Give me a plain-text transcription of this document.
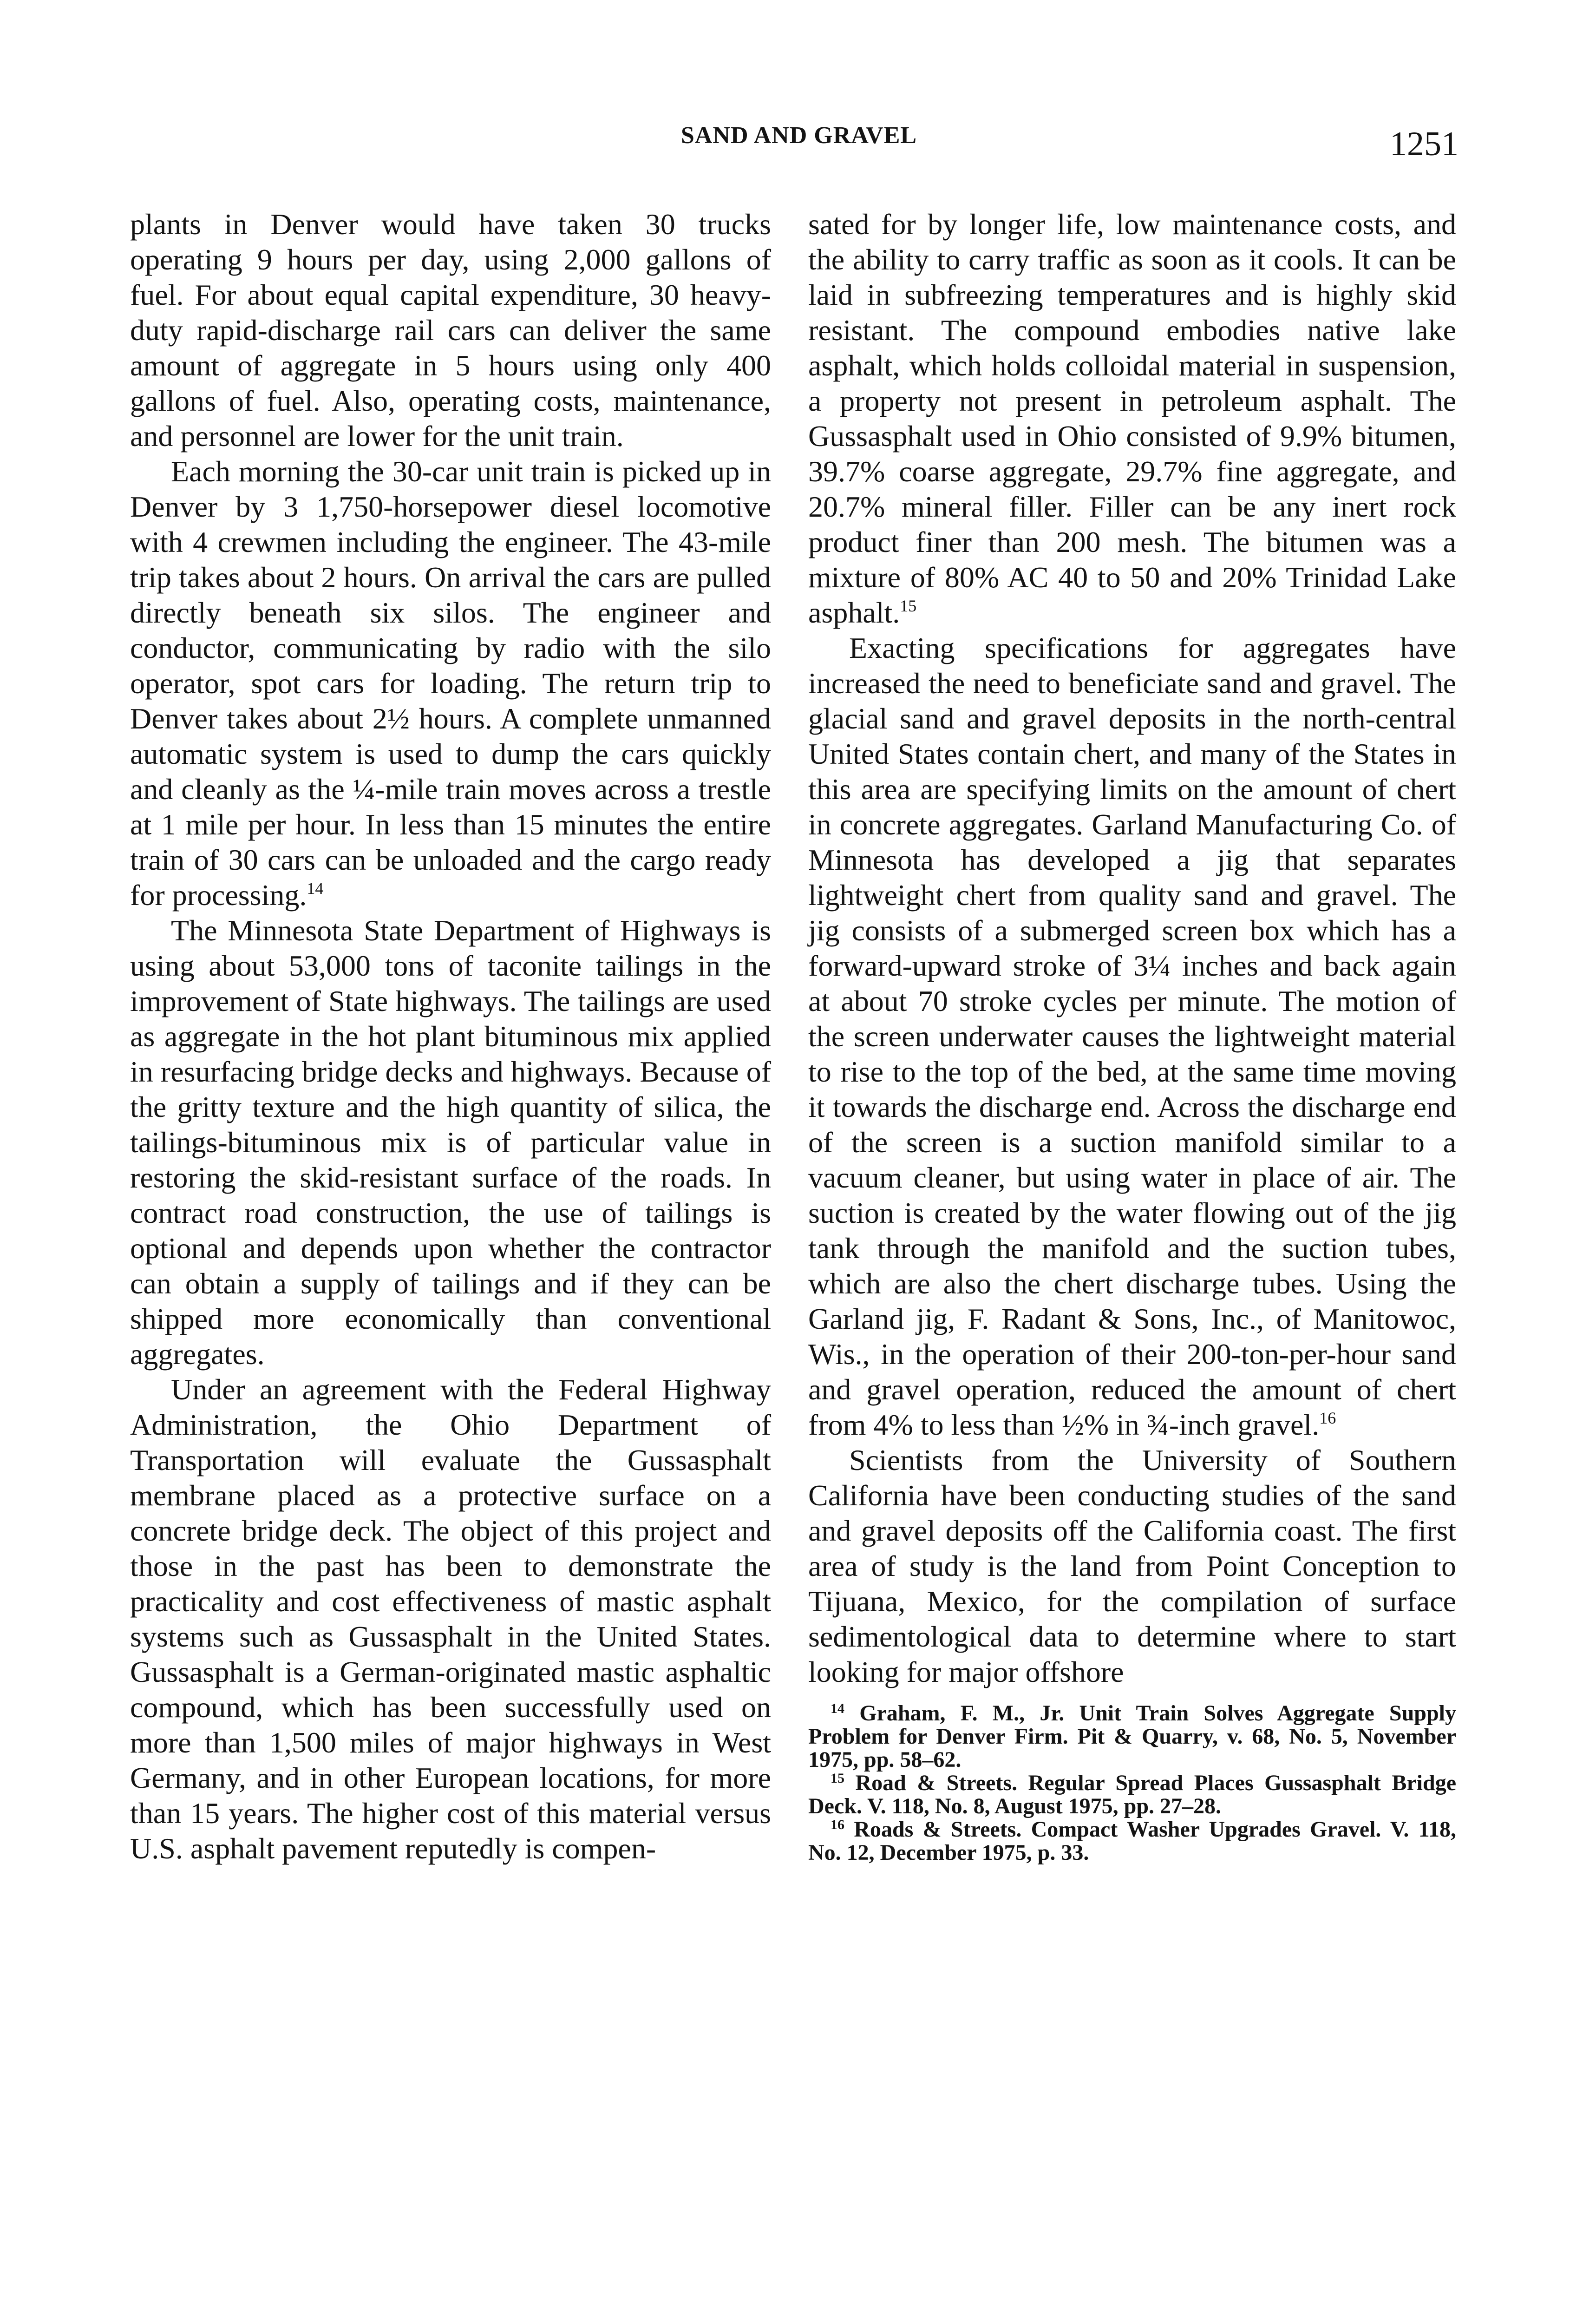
SAND AND GRAVEL	1251

plants in Denver would have taken 30 trucks operating 9 hours per day, using 2,000 gallons of fuel. For about equal capital expenditure, 30 heavy-duty rapid-discharge rail cars can deliver the same amount of aggregate in 5 hours using only 400 gallons of fuel. Also, operating costs, maintenance, and personnel are lower for the unit train.

Each morning the 30-car unit train is picked up in Denver by 3 1,750-horsepower diesel locomotive with 4 crewmen including the engineer. The 43-mile trip takes about 2 hours. On arrival the cars are pulled directly beneath six silos. The engineer and conductor, communicating by radio with the silo operator, spot cars for loading. The return trip to Denver takes about 2½ hours. A complete unmanned automatic system is used to dump the cars quickly and cleanly as the ¼-mile train moves across a trestle at 1 mile per hour. In less than 15 minutes the entire train of 30 cars can be unloaded and the cargo ready for processing.$^{14}$

The Minnesota State Department of Highways is using about 53,000 tons of taconite tailings in the improvement of State highways. The tailings are used as aggregate in the hot plant bituminous mix applied in resurfacing bridge decks and highways. Because of the gritty texture and the high quantity of silica, the tailings-bituminous mix is of particular value in restoring the skid-resistant surface of the roads. In contract road construction, the use of tailings is optional and depends upon whether the contractor can obtain a supply of tailings and if they can be shipped more economically than conventional aggregates.

Under an agreement with the Federal Highway Administration, the Ohio Department of Transportation will evaluate the Gussasphalt membrane placed as a protective surface on a concrete bridge deck. The object of this project and those in the past has been to demonstrate the practicality and cost effectiveness of mastic asphalt systems such as Gussasphalt in the United States. Gussasphalt is a German-originated mastic asphaltic compound, which has been successfully used on more than 1,500 miles of major highways in West Germany, and in other European locations, for more than 15 years. The higher cost of this material versus U.S. asphalt pavement reputedly is compen-

sated for by longer life, low maintenance costs, and the ability to carry traffic as soon as it cools. It can be laid in subfreezing temperatures and is highly skid resistant. The compound embodies native lake asphalt, which holds colloidal material in suspension, a property not present in petroleum asphalt. The Gussasphalt used in Ohio consisted of 9.9% bitumen, 39.7% coarse aggregate, 29.7% fine aggregate, and 20.7% mineral filler. Filler can be any inert rock product finer than 200 mesh. The bitumen was a mixture of 80% AC 40 to 50 and 20% Trinidad Lake asphalt.$^{15}$

Exacting specifications for aggregates have increased the need to beneficiate sand and gravel. The glacial sand and gravel deposits in the north-central United States contain chert, and many of the States in this area are specifying limits on the amount of chert in concrete aggregates. Garland Manufacturing Co. of Minnesota has developed a jig that separates lightweight chert from quality sand and gravel. The jig consists of a submerged screen box which has a forward-upward stroke of 3¼ inches and back again at about 70 stroke cycles per minute. The motion of the screen underwater causes the lightweight material to rise to the top of the bed, at the same time moving it towards the discharge end. Across the discharge end of the screen is a suction manifold similar to a vacuum cleaner, but using water in place of air. The suction is created by the water flowing out of the jig tank through the manifold and the suction tubes, which are also the chert discharge tubes. Using the Garland jig, F. Radant & Sons, Inc., of Manitowoc, Wis., in the operation of their 200-ton-per-hour sand and gravel operation, reduced the amount of chert from 4% to less than ½% in ¾-inch gravel.$^{16}$

Scientists from the University of Southern California have been conducting studies of the sand and gravel deposits off the California coast. The first area of study is the land from Point Conception to Tijuana, Mexico, for the compilation of surface sedimentological data to determine where to start looking for major offshore

$^{14}$ Graham, F. M., Jr. Unit Train Solves Aggregate Supply Problem for Denver Firm. Pit & Quarry, v. 68, No. 5, November 1975, pp. 58–62.

$^{15}$ Road & Streets. Regular Spread Places Gussasphalt Bridge Deck. V. 118, No. 8, August 1975, pp. 27–28.

$^{16}$ Roads & Streets. Compact Washer Upgrades Gravel. V. 118, No. 12, December 1975, p. 33.
